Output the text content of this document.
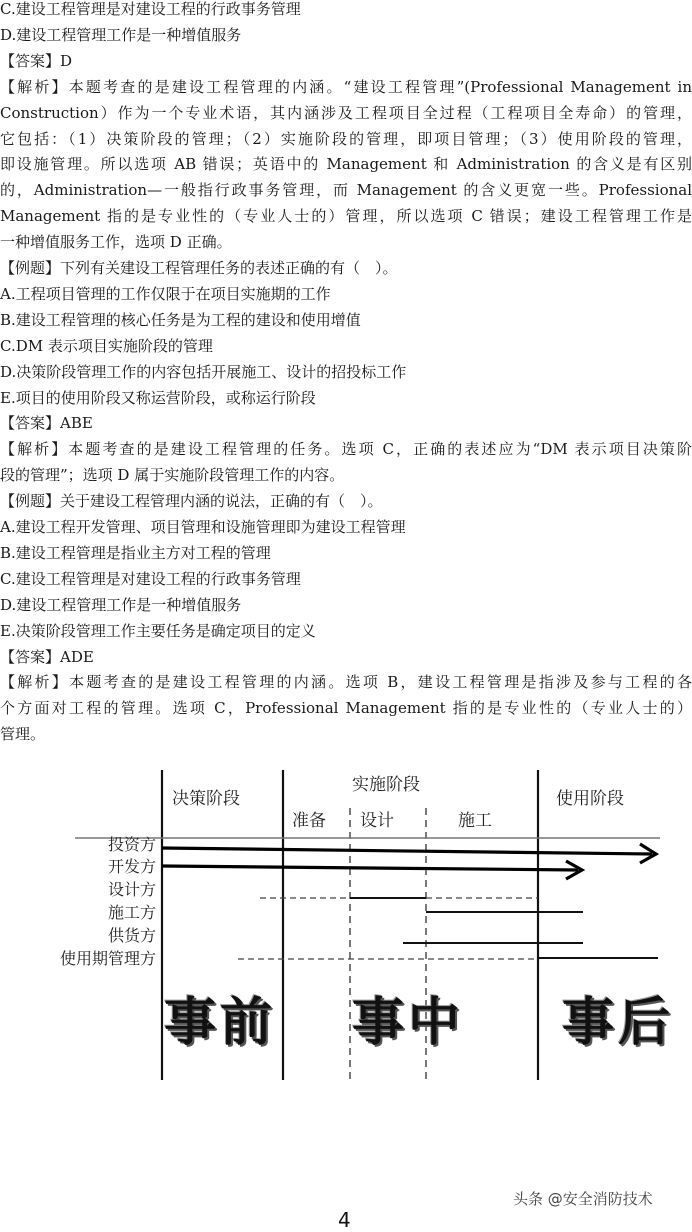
C.建设工程管理是对建设工程的行政事务管理
D.建设工程管理工作是一种增值服务
【答案】D
【解析】本题考查的是建设工程管理的内涵。“建设工程管理”(Professional Management in
Construction）作为一个专业术语，其内涵涉及工程项目全过程（工程项目全寿命）的管理，
它包括：（1）决策阶段的管理；（2）实施阶段的管理，即项目管理；（3）使用阶段的管理，
即设施管理。所以选项 AB 错误；英语中的 Management 和 Administration 的含义是有区别
的，Administration—一般指行政事务管理，而 Management 的含义更宽一些。Professional
Management 指的是专业性的（专业人士的）管理，所以选项 C 错误；建设工程管理工作是
一种增值服务工作，选项 D 正确。
【例题】下列有关建设工程管理任务的表述正确的有（　）。
A.工程项目管理的工作仅限于在项目实施期的工作
B.建设工程管理的核心任务是为工程的建设和使用增值
C.DM 表示项目实施阶段的管理
D.决策阶段管理工作的内容包括开展施工、设计的招投标工作
E.项目的使用阶段又称运营阶段，或称运行阶段
【答案】ABE
【解析】本题考查的是建设工程管理的任务。选项 C，正确的表述应为“DM 表示项目决策阶
段的管理”；选项 D 属于实施阶段管理工作的内容。
【例题】关于建设工程管理内涵的说法，正确的有（　）。
A.建设工程开发管理、项目管理和设施管理即为建设工程管理
B.建设工程管理是指业主方对工程的管理
C.建设工程管理是对建设工程的行政事务管理
D.建设工程管理工作是一种增值服务
E.决策阶段管理工作主要任务是确定项目的定义
【答案】ADE
【解析】本题考查的是建设工程管理的内涵。选项 B，建设工程管理是指涉及参与工程的各
个方面对工程的管理。选项 C，Professional Management 指的是专业性的（专业人士的）
管理。
决策阶段
实施阶段
准备 设计	施工
使用阶段
投资方
开发方
设计方
施工方
供货方
使用期管理方
事前 事中 事后
头条 @安全消防技术
4
